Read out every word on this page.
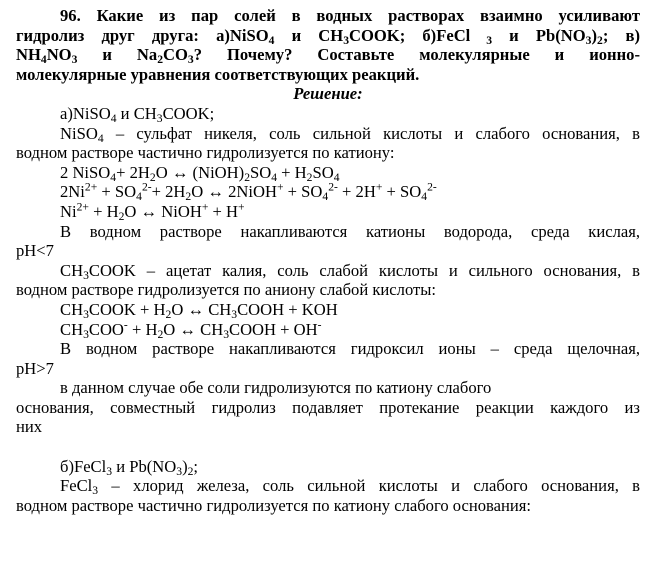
96. Какие из пар солей в водных растворах взаимно усиливают
гидролиз друг друга: а)NiSO$_4$ и $CH_3COOK$; б)FeCl $_3$ и $Pb(NO_3)_2$; в)
$NH_4NO_3$ и $Na_2CO_3$? Почему? Составьте молекулярные и ионно-
молекулярные уравнения соответствующих реакций.

Решение:

а)NiSO$_4$ и $CH_3COOK$;

NiSO$_4$ – сульфат никеля, соль сильной кислоты и слабого основания, в

водном растворе частично гидролизуется по катиону:

2 NiSO$_4$+ $2H_2O$ ↔ $(NiOH)_2SO_4 + H_2SO_4$

$2Ni^{2+} + SO_4^{2-}+ 2H_2O$ ↔ 2NiOH+ + $SO_4^{2-} + 2H^+ + SO_4^{2-}$

$Ni^{2+} + H_2O$ ↔ NiOH+ + H+

В водном растворе накапливаются катионы водорода, среда кислая,

pH<7

$CH_3COOK$ – ацетат калия, соль слабой кислоты и сильного основания, в

водном растворе гидролизуется по аниону слабой кислоты:

$CH_3COOK + H_2O$ ↔ $CH_3COOH$ + KOH

$CH_3COO^- + H_2O$ ↔ $CH_3COOH + OH^-$

В водном растворе накапливаются гидроксил ионы – среда щелочная,

pH>7

в данном случае обе соли гидролизуются по катиону слабого

основания, совместный гидролиз подавляет протекание реакции каждого из

них

б)FeCl$_3$ и $Pb(NO_3)_2$;

FeCl$_3$ – хлорид железа, соль сильной кислоты и слабого основания, в

водном растворе частично гидролизуется по катиону слабого основания:
